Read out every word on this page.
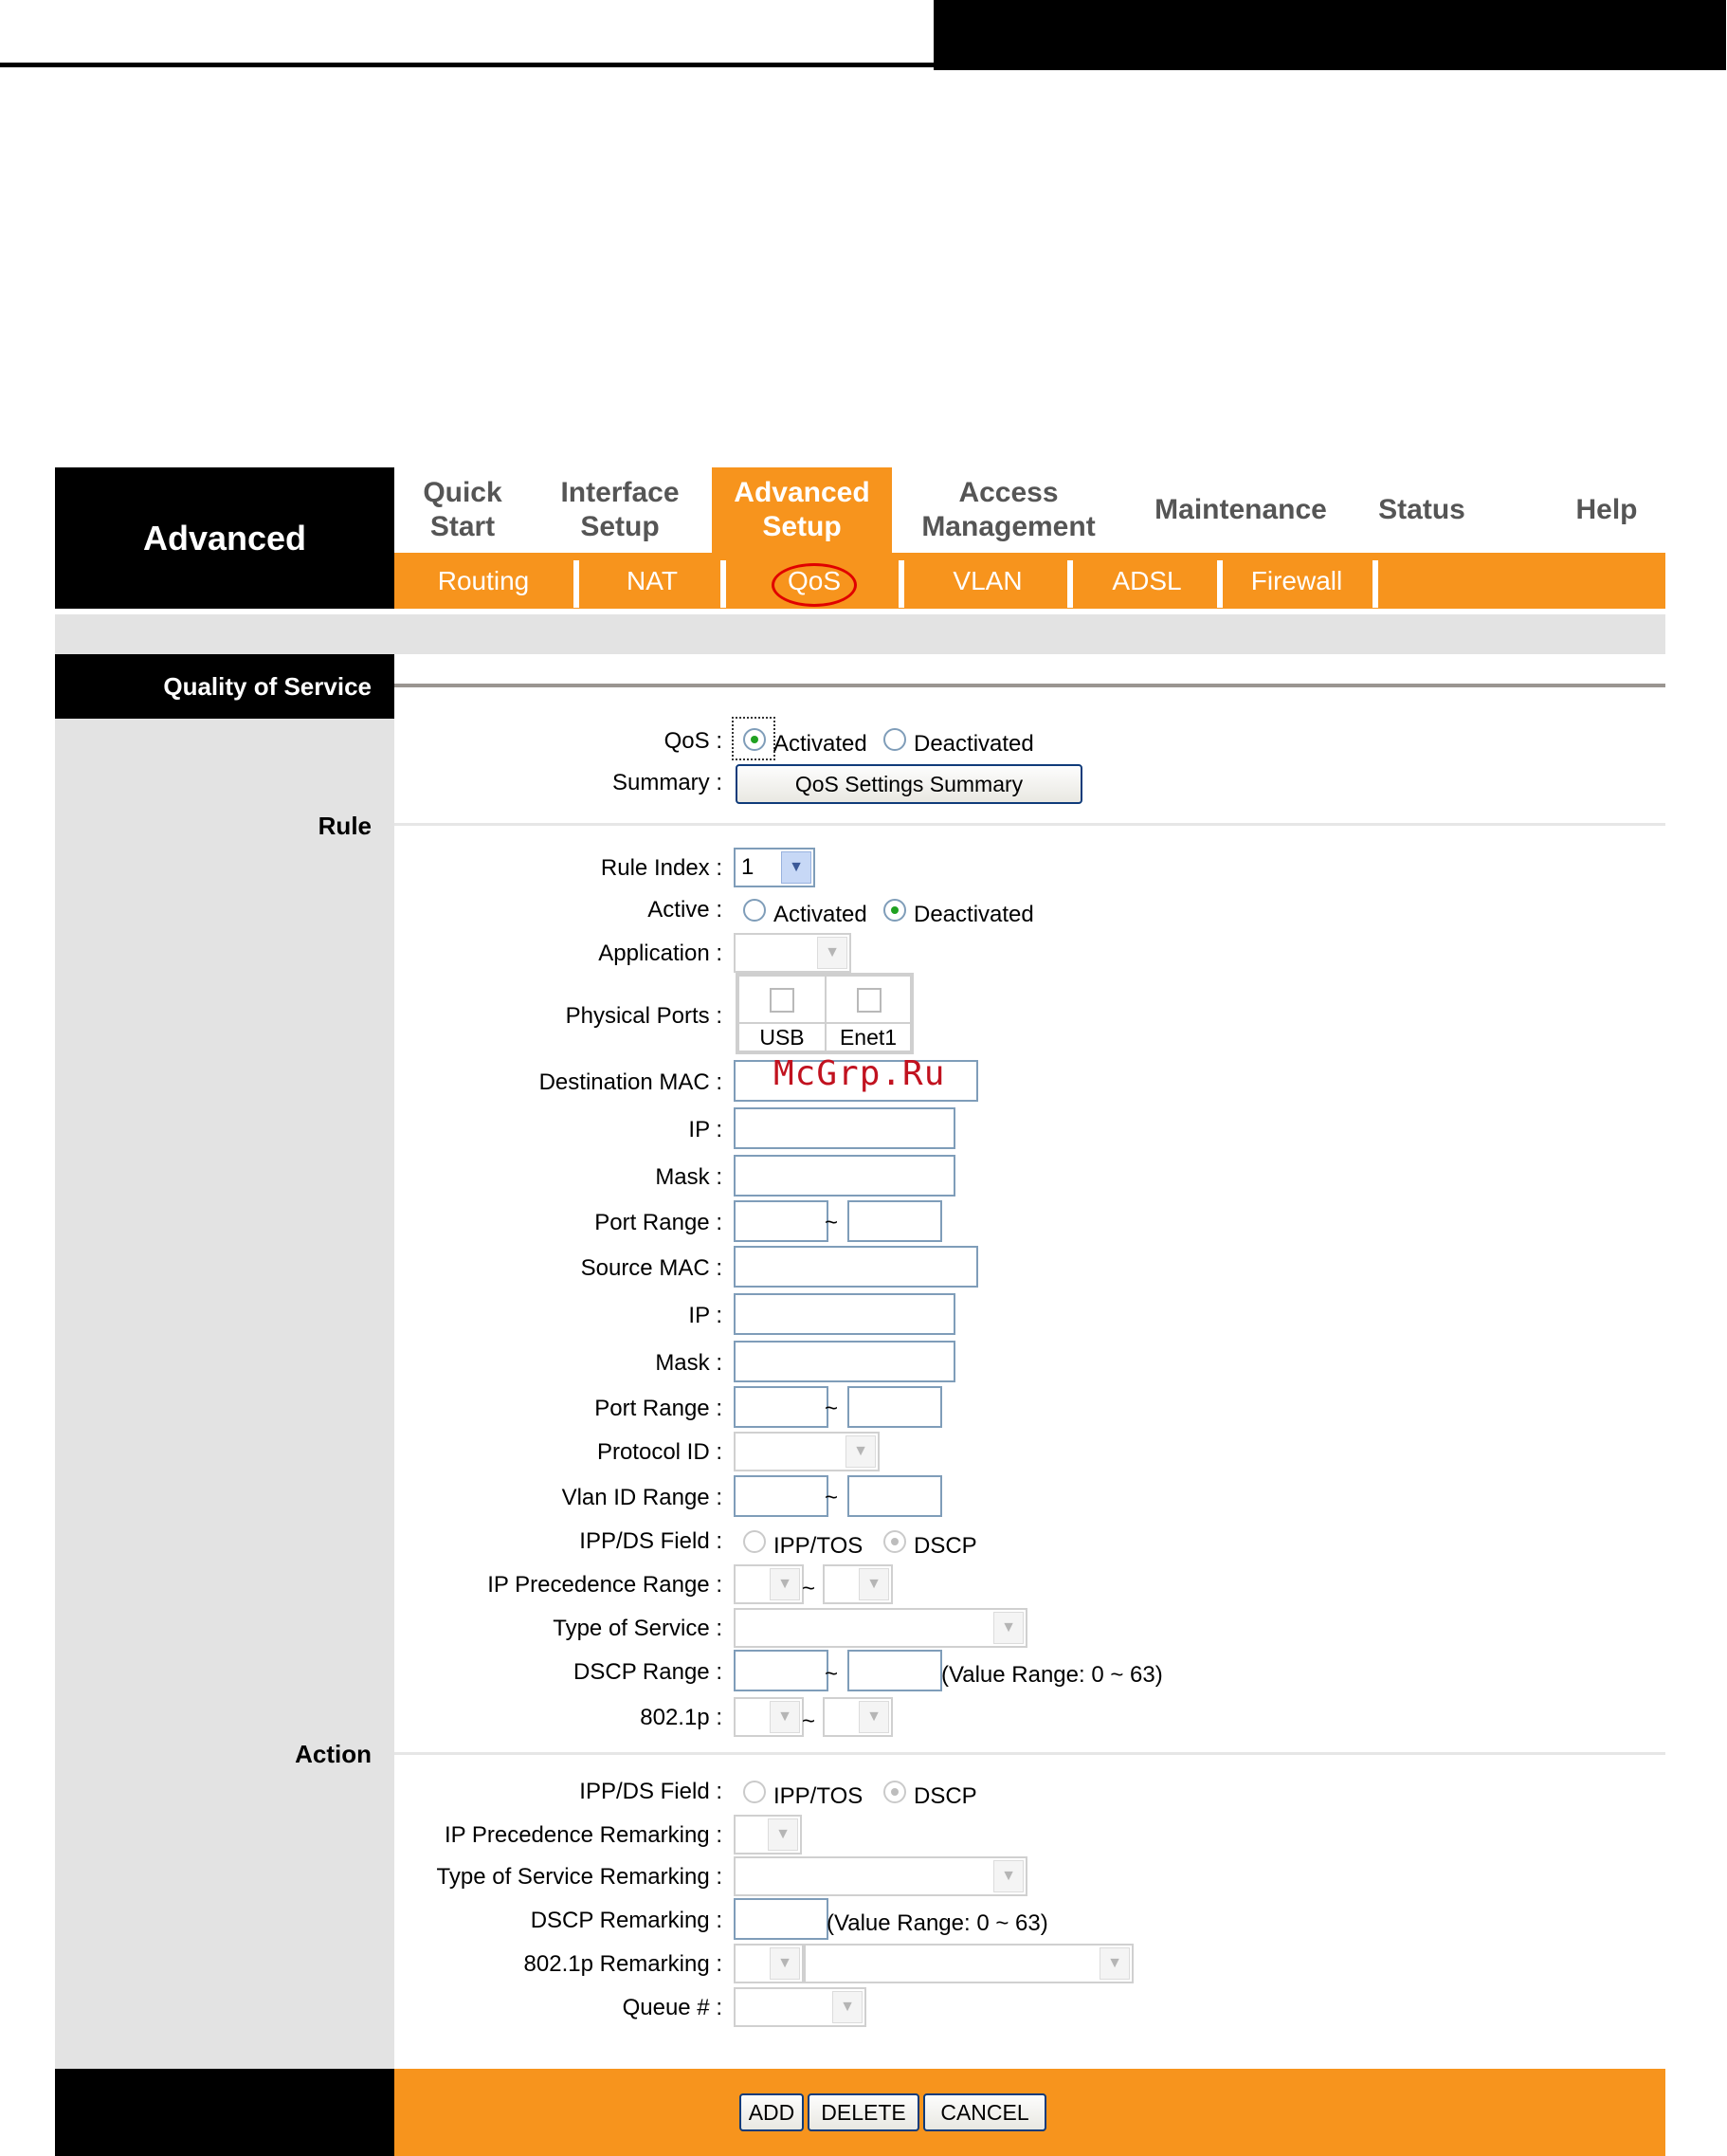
Advanced
Quick
Start
Interface
Setup
Advanced
Setup
Access
Management
Maintenance Status	Help
Routing	NAT	QoS	VLAN	ADSL	Firewall
Quality of Service
Rule
Action
QoS : Activated Deactivated
Summary :	QoS Settings Summary
Rule Index : 1	▼
Active : Activated Deactivated
Application :	▼
Physical Ports :
USB	Enet1
Destination MAC : McGrp.Ru
IP :
Mask :
Port Range :	~
Source MAC :
IP :
Mask :
Port Range :	~
Protocol ID :	▼
Vlan ID Range :	~
IPP/DS Field : IPP/TOS DSCP
IP Precedence Range :	▼ ~	▼
Type of Service :	▼
DSCP Range :	~	(Value Range: 0 ~ 63)
802.1p :	▼ ~	▼
IPP/DS Field : IPP/TOS DSCP
IP Precedence Remarking :	▼
Type of Service Remarking :	▼
DSCP Remarking :	(Value Range: 0 ~ 63)
802.1p Remarking :	▼	▼
Queue # :	▼
ADD	DELETE	CANCEL
